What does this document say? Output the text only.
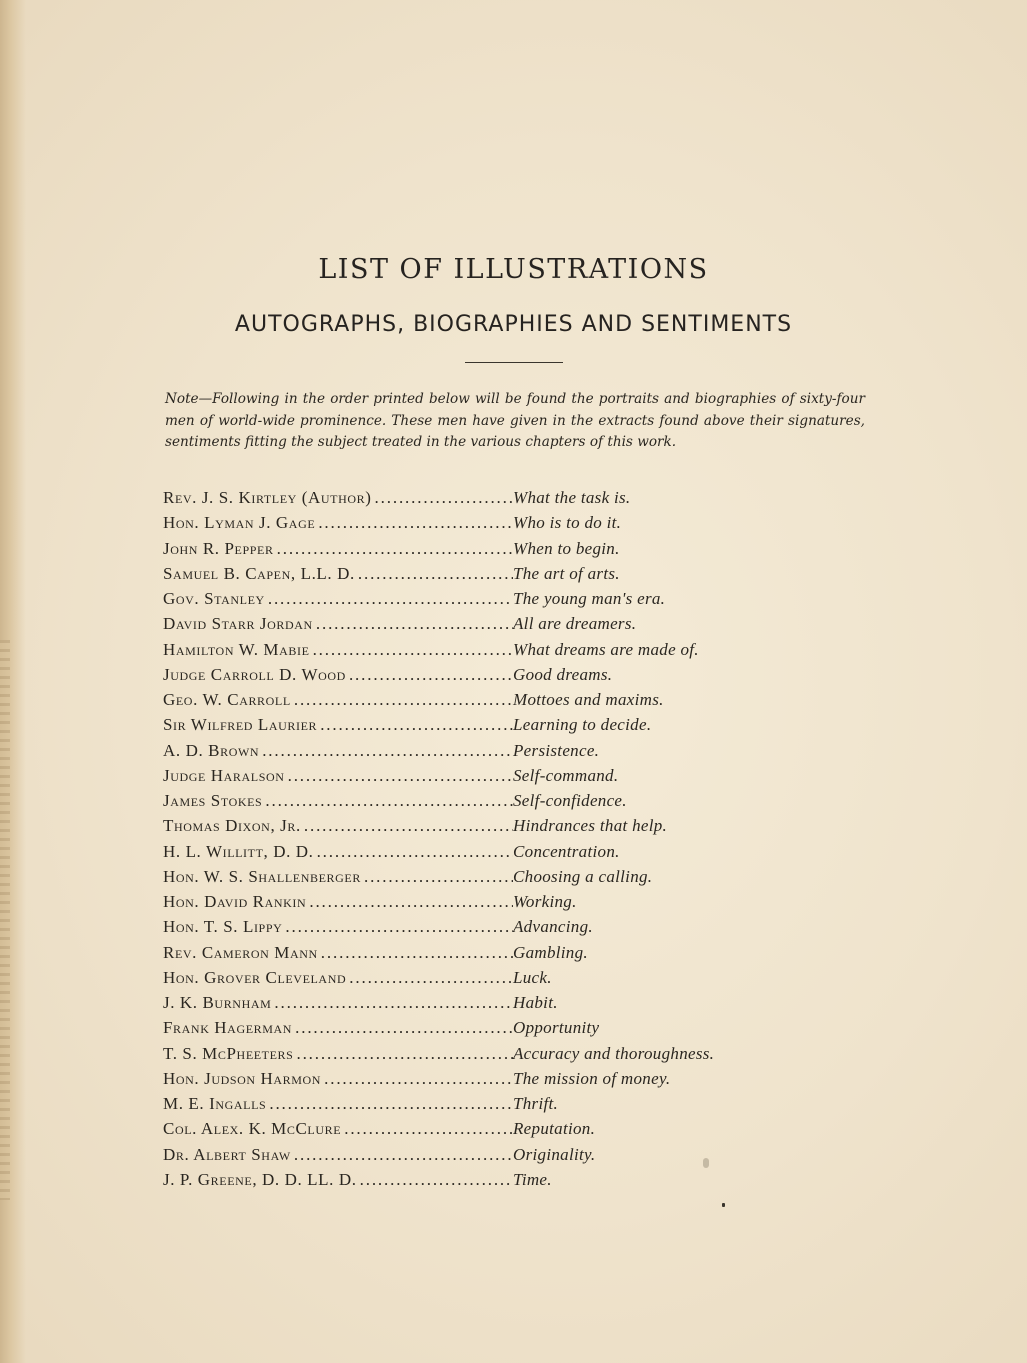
LIST OF ILLUSTRATIONS
AUTOGRAPHS, BIOGRAPHIES AND SENTIMENTS
Note—Following in the order printed below will be found the portraits and biographies of sixty-four men of world-wide prominence. These men have given in the extracts found above their signatures, sentiments fitting the subject treated in the various chapters of this work.
Rev. J. S. Kirtley (Author) . . .	What the task is.
Hon. Lyman J. Gage . . .	Who is to do it.
John R. Pepper . . .	When to begin.
Samuel B. Capen, L.L. D. . . .	The art of arts.
Gov. Stanley . . .	The young man's era.
David Starr Jordan . . .	All are dreamers.
Hamilton W. Mabie . . .	What dreams are made of.
Judge Carroll D. Wood . . .	Good dreams.
Geo. W. Carroll . . .	Mottoes and maxims.
Sir Wilfred Laurier . . .	Learning to decide.
A. D. Brown . . .	Persistence.
Judge Haralson . . .	Self-command.
James Stokes . . .	Self-confidence.
Thomas Dixon, Jr. . . .	Hindrances that help.
H. L. Willitt, D. D. . . .	Concentration.
Hon. W. S. Shallenberger . . .	Choosing a calling.
Hon. David Rankin . . .	Working.
Hon. T. S. Lippy . . .	Advancing.
Rev. Cameron Mann . . .	Gambling.
Hon. Grover Cleveland . . .	Luck.
J. K. Burnham . . .	Habit.
Frank Hagerman . . .	Opportunity
T. S. McPheeters . . .	Accuracy and thoroughness.
Hon. Judson Harmon . . .	The mission of money.
M. E. Ingalls . . .	Thrift.
Col. Alex. K. McClure . . .	Reputation.
Dr. Albert Shaw . . .	Originality.
J. P. Greene, D. D. LL. D. . . .	Time.
